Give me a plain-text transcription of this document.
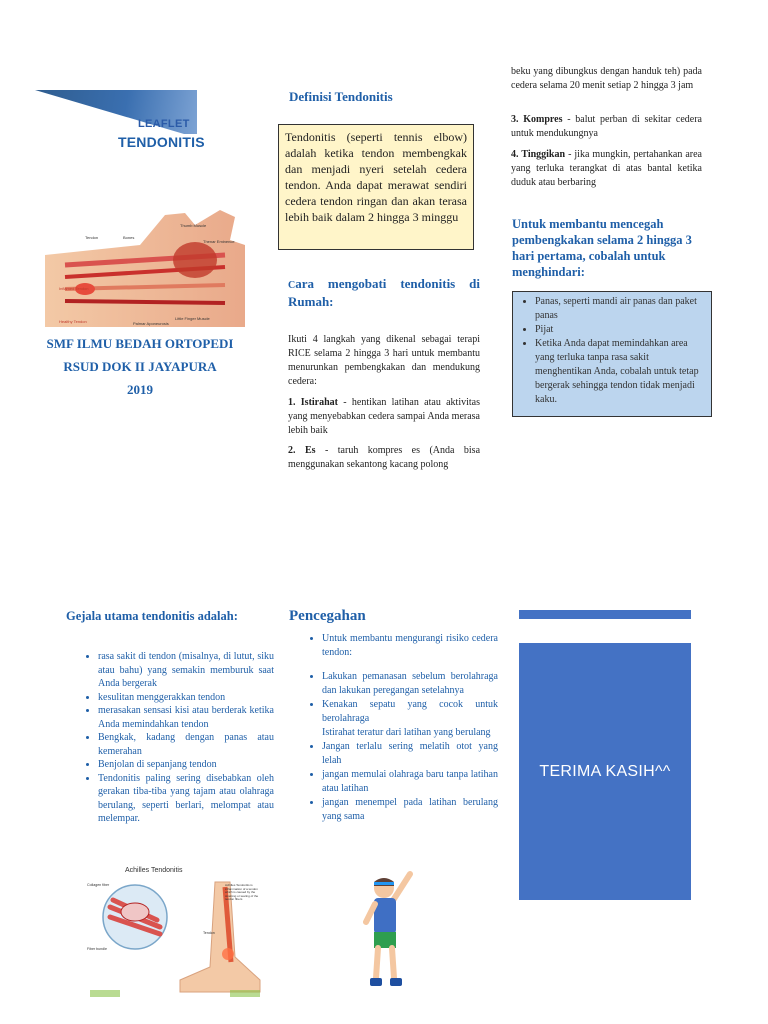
LEAFLET
TENDONITIS
Thumb Muscle
Tendon	Bones
Thenar Eminence
Inflamed Tendon
Healthy Tendon	Palmar Aponeurosis
Little Finger Muscle
SMF ILMU BEDAH ORTOPEDI
RSUD DOK II JAYAPURA
2019
Definisi Tendonitis
Tendonitis (seperti tennis elbow) adalah ketika tendon membengkak dan menjadi nyeri setelah cedera tendon. Anda dapat merawat sendiri cedera tendon ringan dan akan terasa lebih baik dalam 2 hingga 3 minggu
Cara mengobati tendonitis di Rumah:
Ikuti 4 langkah yang dikenal sebagai terapi RICE selama 2 hingga 3 hari untuk membantu menurunkan pembengkakan dan mendukung cedera:
1. Istirahat - hentikan latihan atau aktivitas yang menyebabkan cedera sampai Anda merasa lebih baik
2. Es - taruh kompres es (Anda bisa menggunakan sekantong kacang polong
beku yang dibungkus dengan handuk teh) pada cedera selama 20 menit setiap 2 hingga 3 jam
3. Kompres - balut perban di sekitar cedera untuk mendukungnya
4. Tinggikan - jika mungkin, pertahankan area yang terluka terangkat di atas bantal ketika duduk atau berbaring
Untuk membantu mencegah pembengkakan selama 2 hingga 3 hari pertama, cobalah untuk menghindari:
• Panas, seperti mandi air panas dan paket panas
• Pijat
• Ketika Anda dapat memindahkan area yang terluka tanpa rasa sakit menghentikan Anda, cobalah untuk tetap bergerak sehingga tendon tidak menjadi kaku.
Gejala utama tendonitis adalah:
• rasa sakit di tendon (misalnya, di lutut, siku atau bahu) yang semakin memburuk saat Anda bergerak
• kesulitan menggerakkan tendon
• merasakan sensasi kisi atau berderak ketika Anda memindahkan tendon
• Bengkak, kadang dengan panas atau kemerahan
• Benjolan di sepanjang tendon
• Tendonitis paling sering disebabkan oleh gerakan tiba-tiba yang tajam atau olahraga berulang, seperti berlari, melompat atau melempar.
Achilles Tendonitis
Collagen fiber
Fiber bundle
Tendon
Achilles Tendonitis is inflammation of a tendon which is caused by the straining or tearing of the tendon fibers
Pencegahan
• Untuk membantu mengurangi risiko cedera tendon:
• Lakukan pemanasan sebelum berolahraga dan lakukan peregangan setelahnya
• Kenakan sepatu yang cocok untuk berolahraga
Istirahat teratur dari latihan yang berulang
• Jangan terlalu sering melatih otot yang lelah
• jangan memulai olahraga baru tanpa latihan atau latihan
• jangan menempel pada latihan berulang yang sama
TERIMA KASIH^^
